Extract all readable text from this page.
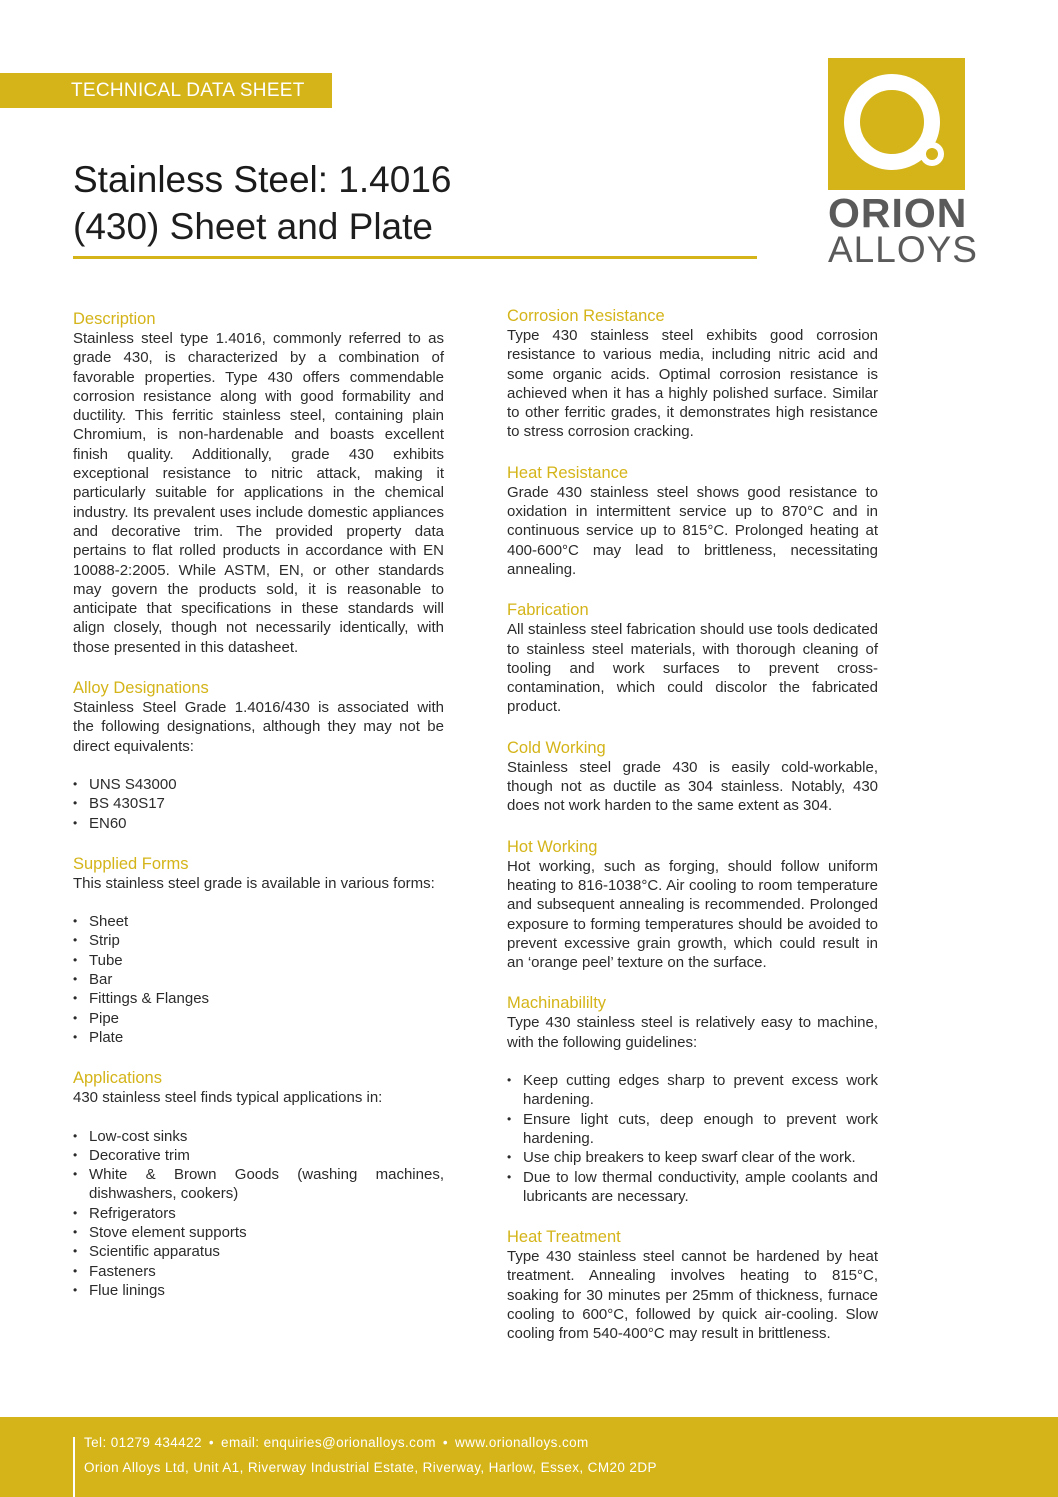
TECHNICAL DATA SHEET
Stainless Steel: 1.4016
(430) Sheet and Plate	ORION
ALLOYS
Description

Stainless steel type 1.4016, commonly referred to as grade 430, is characterized by a combination of favorable properties. Type 430 offers commendable corrosion resistance along with good formability and ductility. This ferritic stainless steel, containing plain Chromium, is non-hardenable and boasts excellent finish quality. Additionally, grade 430 exhibits exceptional resistance to nitric attack, making it particularly suitable for applications in the chemical industry. Its prevalent uses include domestic appliances and decorative trim. The provided property data pertains to flat rolled products in accordance with EN 10088-2:2005. While ASTM, EN, or other standards may govern the products sold, it is reasonable to anticipate that specifications in these standards will align closely, though not necessarily identically, with those presented in this datasheet.

Alloy Designations

Stainless Steel Grade 1.4016/430 is associated with the following designations, although they may not be direct equivalents:

• UNS S43000
• BS 430S17
• EN60
Supplied Forms

This stainless steel grade is available in various forms:

• Sheet
• Strip
• Tube
• Bar
• Fittings & Flanges
• Pipe
• Plate
Applications

430 stainless steel finds typical applications in:

• Low-cost sinks
• Decorative trim
• White & Brown Goods (washing machines, dishwashers, cookers)
• Refrigerators
• Stove element supports
• Scientific apparatus
• Fasteners
• Flue linings
Corrosion Resistance

Type 430 stainless steel exhibits good corrosion resistance to various media, including nitric acid and some organic acids. Optimal corrosion resistance is achieved when it has a highly polished surface. Similar to other ferritic grades, it demonstrates high resistance to stress corrosion cracking.

Heat Resistance

Grade 430 stainless steel shows good resistance to oxidation in intermittent service up to 870°C and in continuous service up to 815°C. Prolonged heating at 400-600°C may lead to brittleness, necessitating annealing.

Fabrication

All stainless steel fabrication should use tools dedicated to stainless steel materials, with thorough cleaning of tooling and work surfaces to prevent cross-contamination, which could discolor the fabricated product.

Cold Working

Stainless steel grade 430 is easily cold-workable, though not as ductile as 304 stainless. Notably, 430 does not work harden to the same extent as 304.

Hot Working

Hot working, such as forging, should follow uniform heating to 816-1038°C. Air cooling to room temperature and subsequent annealing is recommended. Prolonged exposure to forming temperatures should be avoided to prevent excessive grain growth, which could result in an ‘orange peel’ texture on the surface.

Machinabililty

Type 430 stainless steel is relatively easy to machine, with the following guidelines:

• Keep cutting edges sharp to prevent excess work hardening.
• Ensure light cuts, deep enough to prevent work hardening.
• Use chip breakers to keep swarf clear of the work.
• Due to low thermal conductivity, ample coolants and lubricants are necessary.
Heat Treatment

Type 430 stainless steel cannot be hardened by heat treatment. Annealing involves heating to 815°C, soaking for 30 minutes per 25mm of thickness, furnace cooling to 600°C, followed by quick air-cooling. Slow cooling from 540-400°C may result in brittleness.

Tel: 01279 434422 • email: enquiries@orionalloys.com • www.orionalloys.com
Orion Alloys Ltd, Unit A1, Riverway Industrial Estate, Riverway, Harlow, Essex, CM20 2DP
